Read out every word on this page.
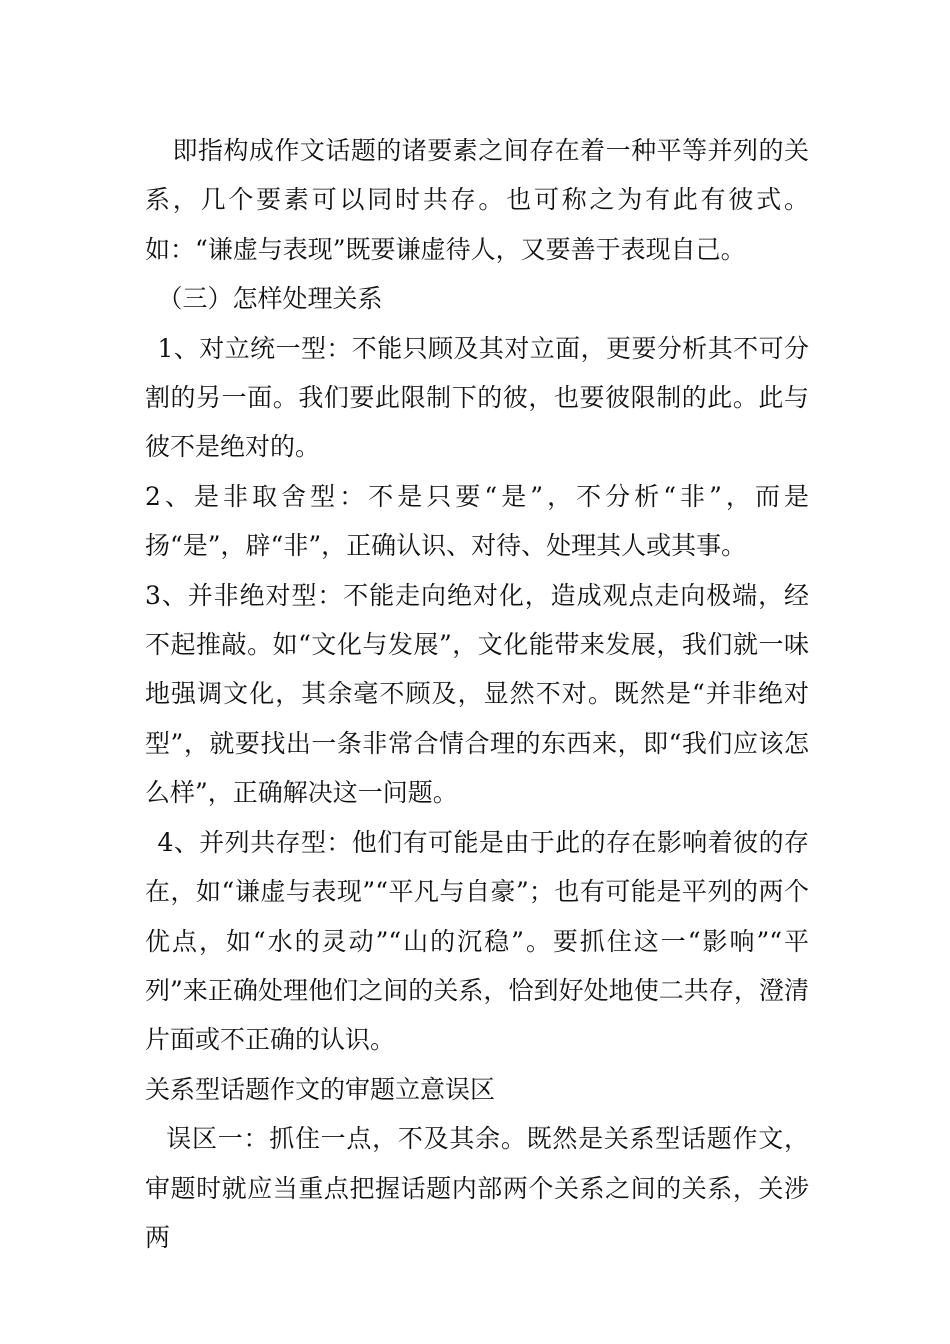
即指构成作文话题的诸要素之间存在着一种平等并列的关系，几个要素可以同时共存。也可称之为有此有彼式。如：“谦虚与表现”既要谦虚待人，又要善于表现自己。

（三）怎样处理关系

1、对立统一型：不能只顾及其对立面，更要分析其不可分割的另一面。我们要此限制下的彼，也要彼限制的此。此与彼不是绝对的。

2、是非取舍型：不是只要“是”，不分析“非”，而是扬“是”，辟“非”，正确认识、对待、处理其人或其事。

3、并非绝对型：不能走向绝对化，造成观点走向极端，经不起推敲。如“文化与发展”，文化能带来发展，我们就一味地强调文化，其余毫不顾及，显然不对。既然是“并非绝对型”，就要找出一条非常合情合理的东西来，即“我们应该怎么样”，正确解决这一问题。

4、并列共存型：他们有可能是由于此的存在影响着彼的存在，如“谦虚与表现”“平凡与自豪”；也有可能是平列的两个优点，如“水的灵动”“山的沉稳”。要抓住这一“影响”“平列”来正确处理他们之间的关系，恰到好处地使二共存，澄清片面或不正确的认识。

关系型话题作文的审题立意误区

误区一：抓住一点，不及其余。既然是关系型话题作文，审题时就应当重点把握话题内部两个关系之间的关系，关涉两
